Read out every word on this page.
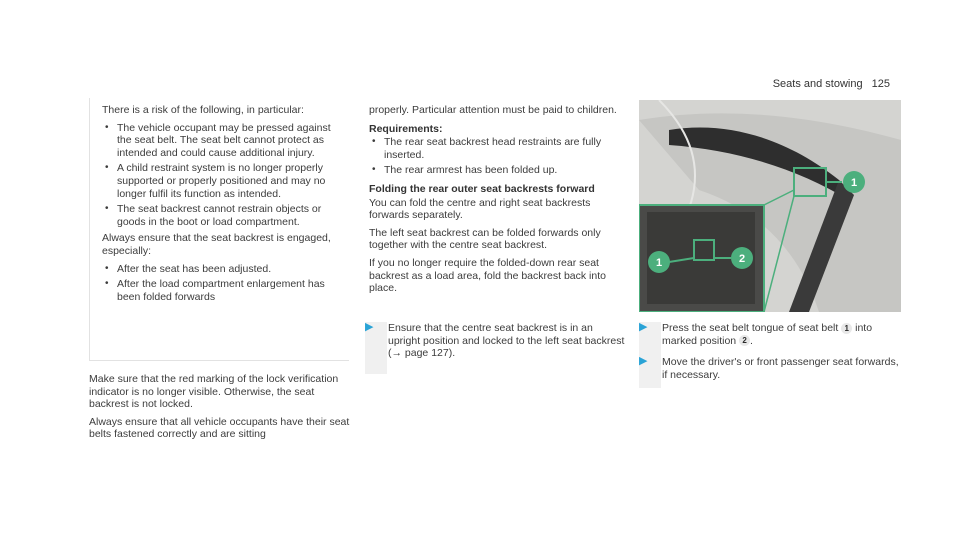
Seats and stowing 125

There is a risk of the following, in particular:

• The vehicle occupant may be pressed against the seat belt. The seat belt cannot protect as intended and could cause additional injury.
• A child restraint system is no longer properly supported or properly positioned and may no longer fulfil its function as intended.
• The seat backrest cannot restrain objects or goods in the boot or load compartment.

Always ensure that the seat backrest is engaged, especially:

• After the seat has been adjusted.
• After the load compartment enlargement has been folded forwards

Make sure that the red marking of the lock verification indicator is no longer visible. Otherwise, the seat backrest is not locked.

Always ensure that all vehicle occupants have their seat belts fastened correctly and are sitting

properly. Particular attention must be paid to children.

Requirements:
• The rear seat backrest head restraints are fully inserted.
• The rear armrest has been folded up.
Folding the rear outer seat backrests forward

You can fold the centre and right seat backrests forwards separately.

The left seat backrest can be folded forwards only together with the centre seat backrest.

If you no longer require the folded-down rear seat backrest as a load area, fold the backrest back into place.

▶ Ensure that the centre seat backrest is in an upright position and locked to the left seat backrest (→ page 127).
1
1	2
▶ Press the seat belt tongue of seat belt 1 into marked position 2 .
▶ Move the driver's or front passenger seat forwards, if necessary.
